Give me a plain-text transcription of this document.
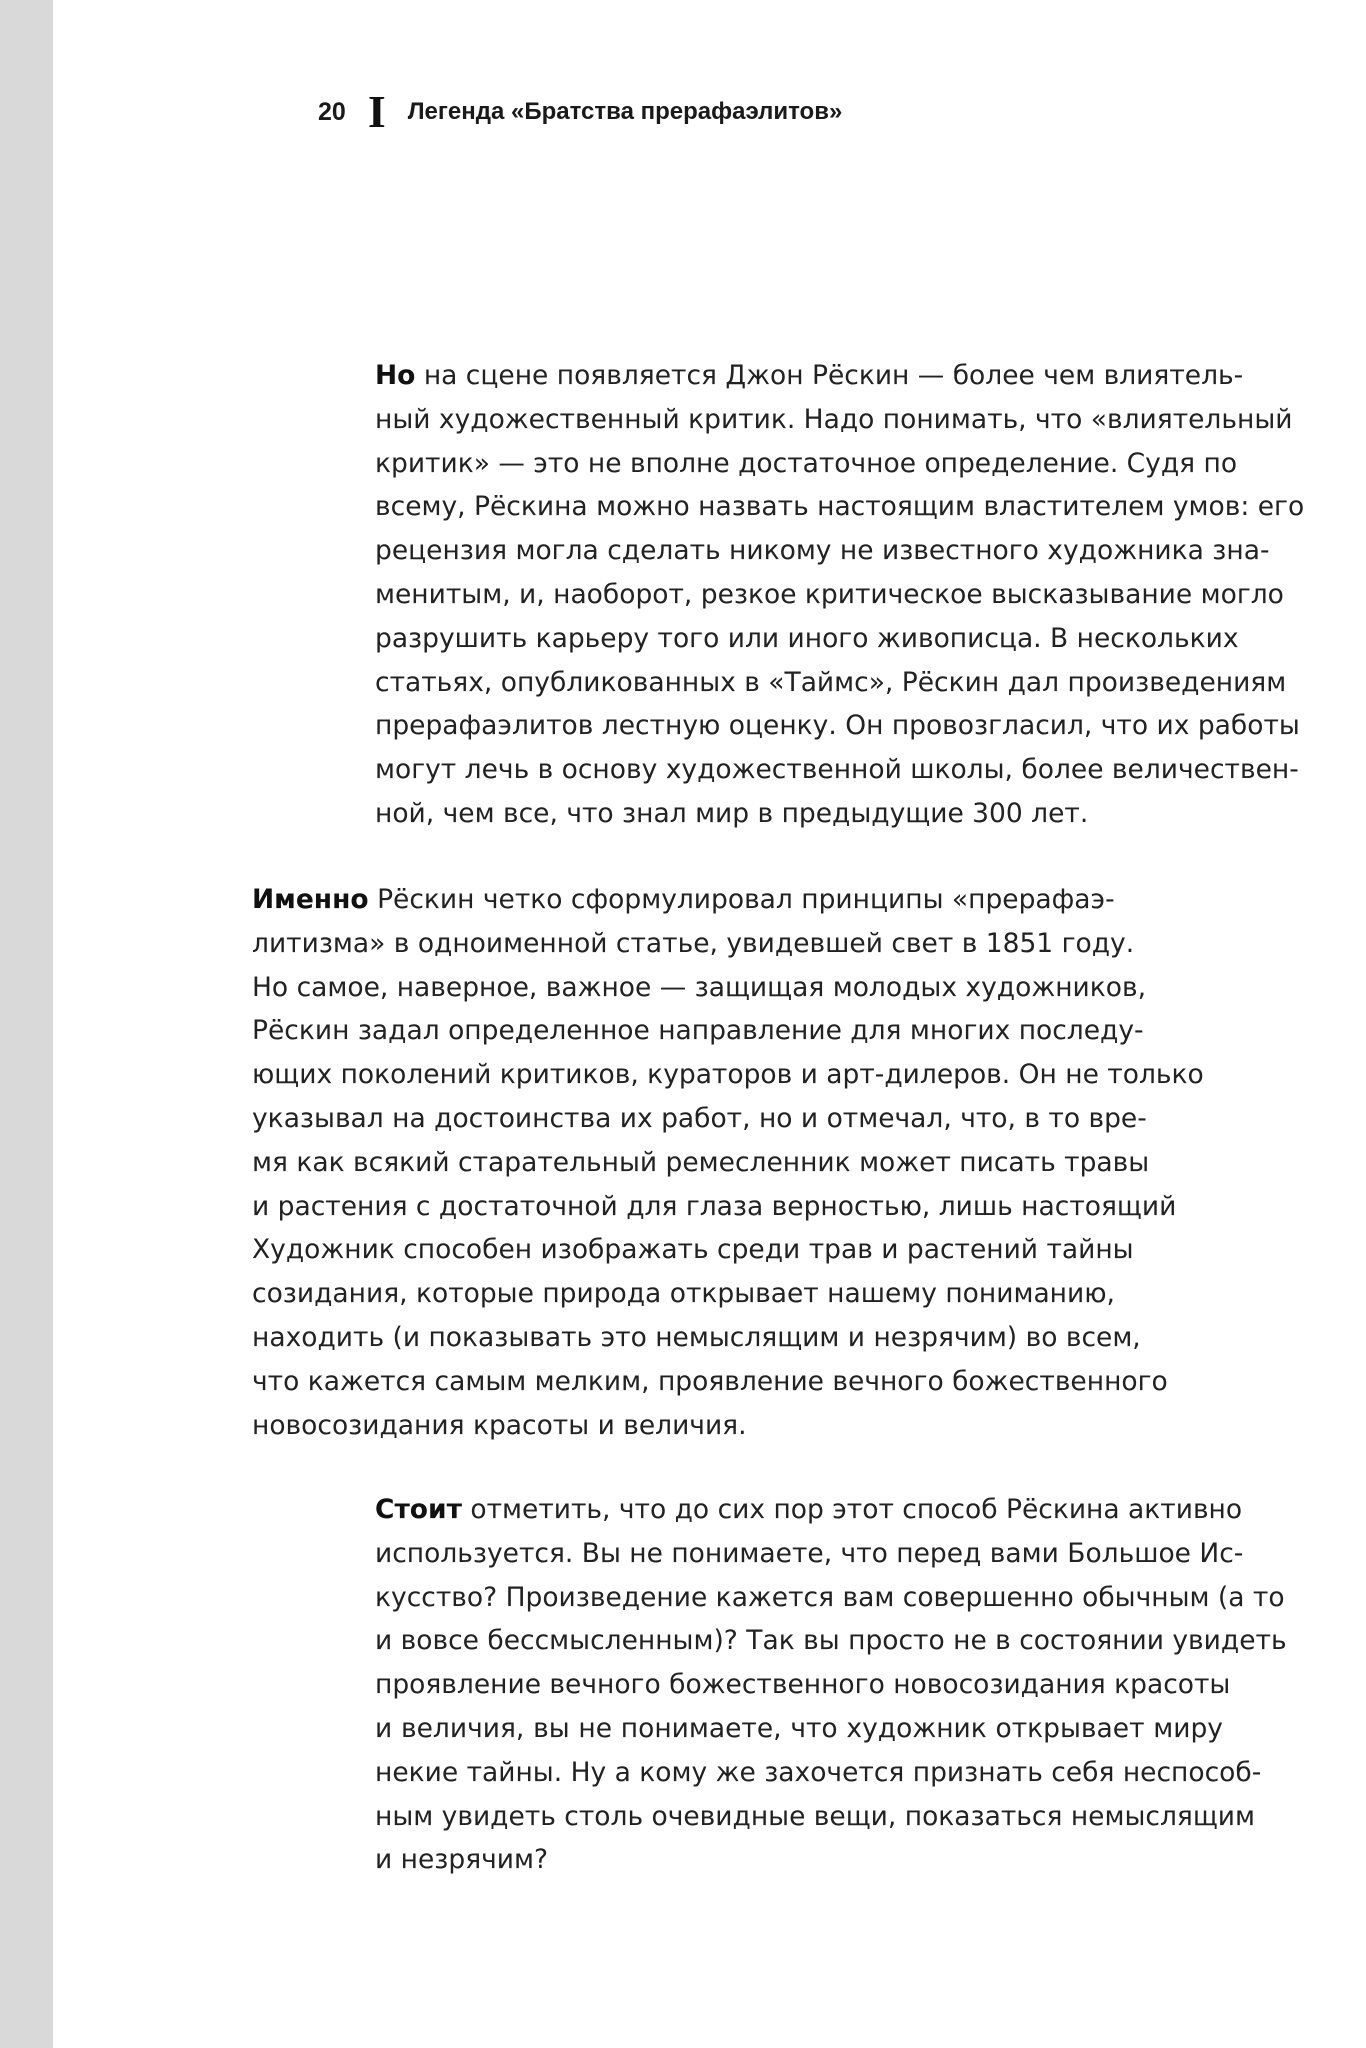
20 I Легенда «Братства прерафаэлитов»
Но на сцене появляется Джон Рёскин — более чем влиятель-
ный художественный критик. Надо понимать, что «влиятельный
критик» — это не вполне достаточное определение. Судя по
всему, Рёскина можно назвать настоящим властителем умов: его
рецензия могла сделать никому не известного художника зна-
менитым, и, наоборот, резкое критическое высказывание могло
разрушить карьеру того или иного живописца. В нескольких
статьях, опубликованных в «Таймс», Рёскин дал произведениям
прерафаэлитов лестную оценку. Он провозгласил, что их работы
могут лечь в основу художественной школы, более величествен-
ной, чем все, что знал мир в предыдущие 300 лет.
Именно Рёскин четко сформулировал принципы «прерафаэ-
литизма» в одноименной статье, увидевшей свет в 1851 году.
Но самое, наверное, важное — защищая молодых художников,
Рёскин задал определенное направление для многих последу-
ющих поколений критиков, кураторов и арт-дилеров. Он не только
указывал на достоинства их работ, но и отмечал, что, в то вре-
мя как всякий старательный ремесленник может писать травы
и растения с достаточной для глаза верностью, лишь настоящий
Художник способен изображать среди трав и растений тайны
созидания, которые природа открывает нашему пониманию,
находить (и показывать это немыслящим и незрячим) во всем,
что кажется самым мелким, проявление вечного божественного
новосозидания красоты и величия.
Стоит отметить, что до сих пор этот способ Рёскина активно
используется. Вы не понимаете, что перед вами Большое Ис-
кусство? Произведение кажется вам совершенно обычным (а то
и вовсе бессмысленным)? Так вы просто не в состоянии увидеть
проявление вечного божественного новосозидания красоты
и величия, вы не понимаете, что художник открывает миру
некие тайны. Ну а кому же захочется признать себя неспособ-
ным увидеть столь очевидные вещи, показаться немыслящим
и незрячим?
